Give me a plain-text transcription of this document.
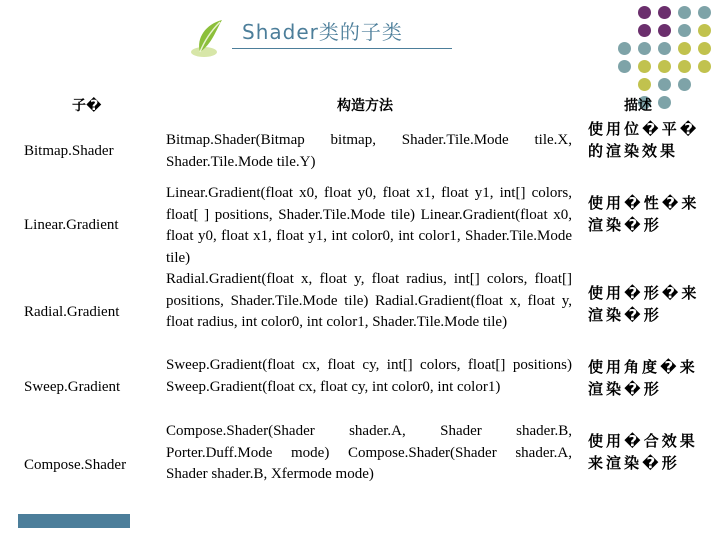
Shader类的子类
子�	构造方法	描述
Bitmap.Shader
Linear.Gradient
Radial.Gradient
Sweep.Gradient
Compose.Shader
Bitmap.Shader(Bitmap bitmap, Shader.Tile.Mode tile.X, Shader.Tile.Mode tile.Y)
Linear.Gradient(float x0, float y0, float x1, float y1, int[] colors, float[ ] positions, Shader.Tile.Mode tile) Linear.Gradient(float x0, float y0, float x1, float y1, int color0, int color1, Shader.Tile.Mode tile)
Radial.Gradient(float x, float y, float radius, int[] colors, float[] positions, Shader.Tile.Mode tile) Radial.Gradient(float x, float y, float radius, int color0, int color1, Shader.Tile.Mode tile)
Sweep.Gradient(float cx, float cy, int[] colors, float[] positions) Sweep.Gradient(float cx, float cy, int color0, int color1)
Compose.Shader(Shader shader.A, Shader shader.B, Porter.Duff.Mode mode) Compose.Shader(Shader shader.A, Shader shader.B, Xfermode mode)
使用位�平�的渲染效果
使用�性�来渲染�形
使用�形�来渲染�形
使用角度�来渲染�形
使用�合效果来渲染�形
